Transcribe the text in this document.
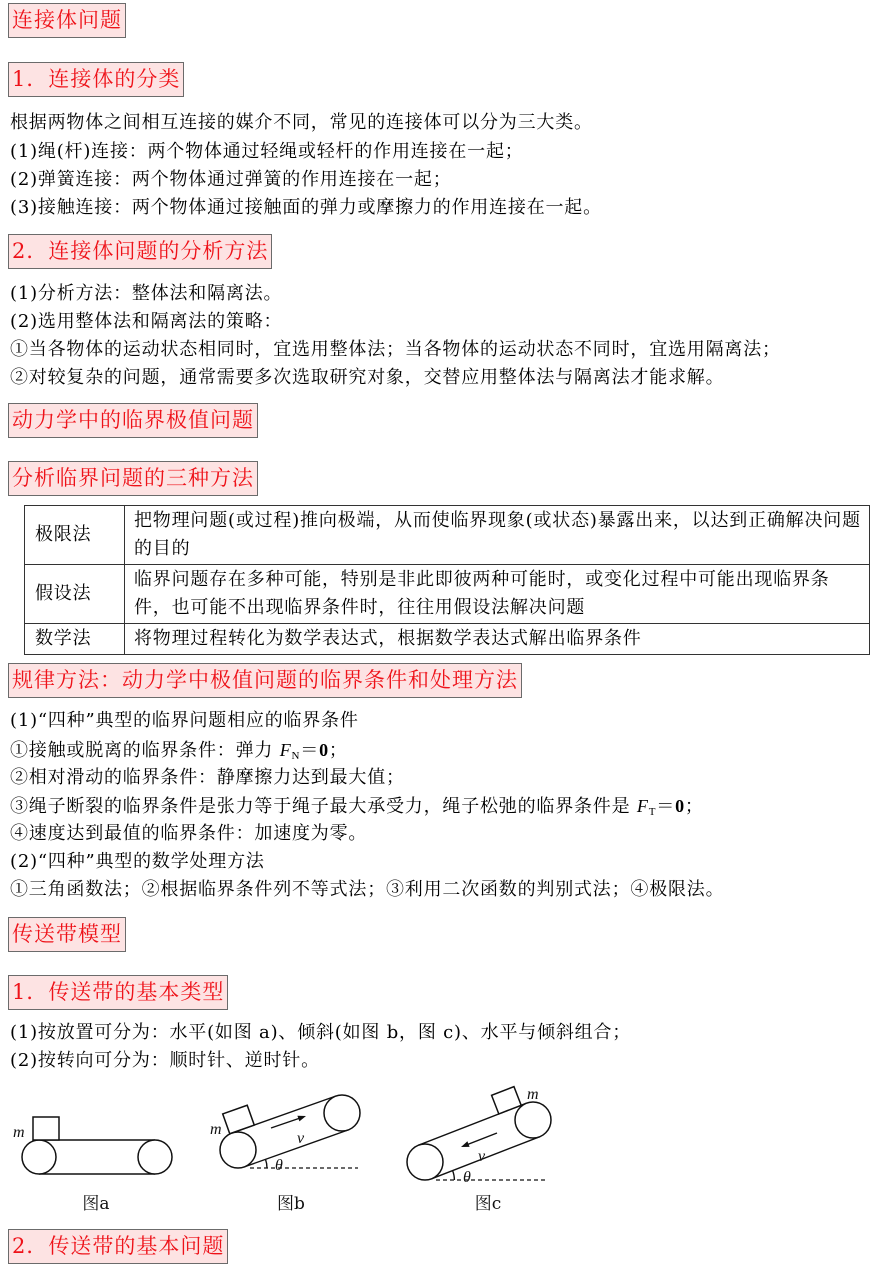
连接体问题
1．连接体的分类
根据两物体之间相互连接的媒介不同，常见的连接体可以分为三大类。
(1)绳(杆)连接：两个物体通过轻绳或轻杆的作用连接在一起；
(2)弹簧连接：两个物体通过弹簧的作用连接在一起；
(3)接触连接：两个物体通过接触面的弹力或摩擦力的作用连接在一起。
2．连接体问题的分析方法
(1)分析方法：整体法和隔离法。
(2)选用整体法和隔离法的策略：
①当各物体的运动状态相同时，宜选用整体法；当各物体的运动状态不同时，宜选用隔离法；
②对较复杂的问题，通常需要多次选取研究对象，交替应用整体法与隔离法才能求解。
动力学中的临界极值问题
分析临界问题的三种方法
极限法	把物理问题(或过程)推向极端，从而使临界现象(或状态)暴露出来，以达到正确解决问题的目的
假设法	临界问题存在多种可能，特别是非此即彼两种可能时，或变化过程中可能出现临界条件，也可能不出现临界条件时，往往用假设法解决问题
数学法	将物理过程转化为数学表达式，根据数学表达式解出临界条件
规律方法：动力学中极值问题的临界条件和处理方法
(1)“四种”典型的临界问题相应的临界条件
①接触或脱离的临界条件：弹力 $F_N=0$；
②相对滑动的临界条件：静摩擦力达到最大值；
③绳子断裂的临界条件是张力等于绳子最大承受力，绳子松弛的临界条件是 $F_T=0$；
④速度达到最值的临界条件：加速度为零。
(2)“四种”典型的数学处理方法
①三角函数法；②根据临界条件列不等式法；③利用二次函数的判别式法；④极限法。
传送带模型
1．传送带的基本类型
(1)按放置可分为：水平(如图 a)、倾斜(如图 b，图 c)、水平与倾斜组合；
(2)按转向可分为：顺时针、逆时针。
m
图a
m
v
θ
图b
m
v
θ
图c
2．传送带的基本问题
